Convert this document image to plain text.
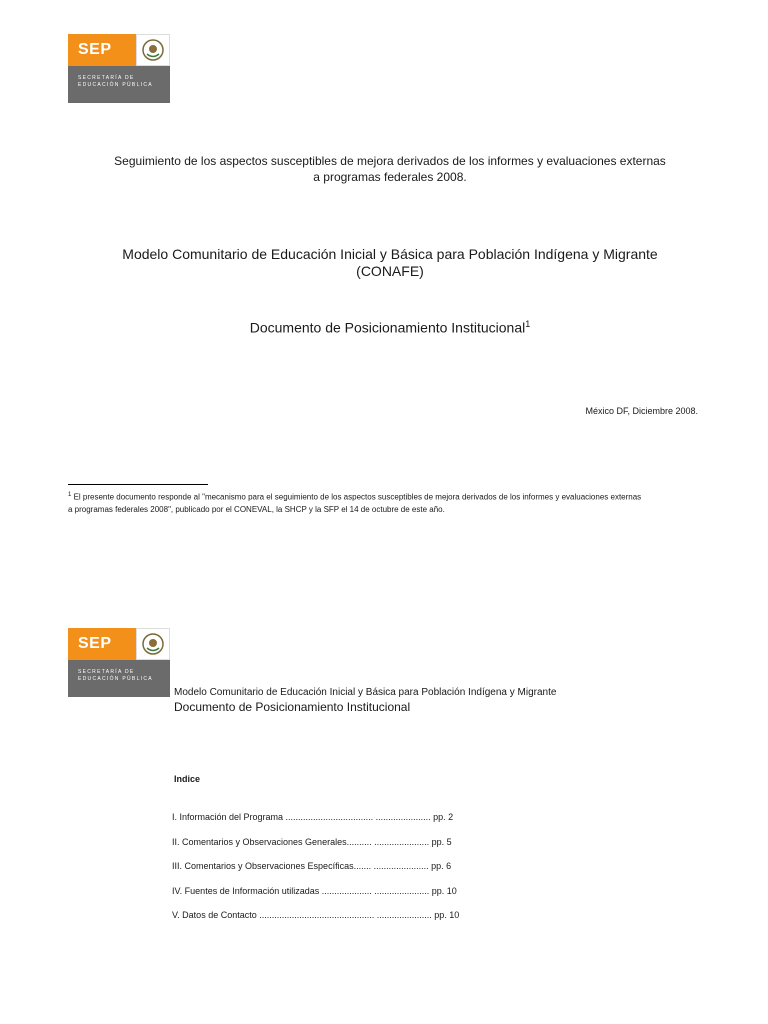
SEP
SECRETARÍA DE
EDUCACIÓN PÚBLICA
Seguimiento de los aspectos susceptibles de mejora derivados de los informes y evaluaciones externas
a programas federales 2008.
Modelo Comunitario de Educación Inicial y Básica para Población Indígena y Migrante
(CONAFE)
Documento de Posicionamiento Institucional$^1$
México DF, Diciembre 2008.
$^1$ El presente documento responde al "mecanismo para el seguimiento de los aspectos susceptibles de mejora derivados de los informes y evaluaciones externas
a programas federales 2008", publicado por el CONEVAL, la SHCP y la SFP el 14 de octubre de este año.
SEP
SECRETARÍA DE
EDUCACIÓN PÚBLICA
Modelo Comunitario de Educación Inicial y Básica para Población Indígena y Migrante
Documento de Posicionamiento Institucional
Indice
I. Información del Programa ................................... ...................... pp. 2
II. Comentarios y Observaciones Generales.......... ...................... pp. 5
III. Comentarios y Observaciones Específicas....... ...................... pp. 6
IV. Fuentes de Información utilizadas .................... ...................... pp. 10
V. Datos de Contacto .............................................. ...................... pp. 10
